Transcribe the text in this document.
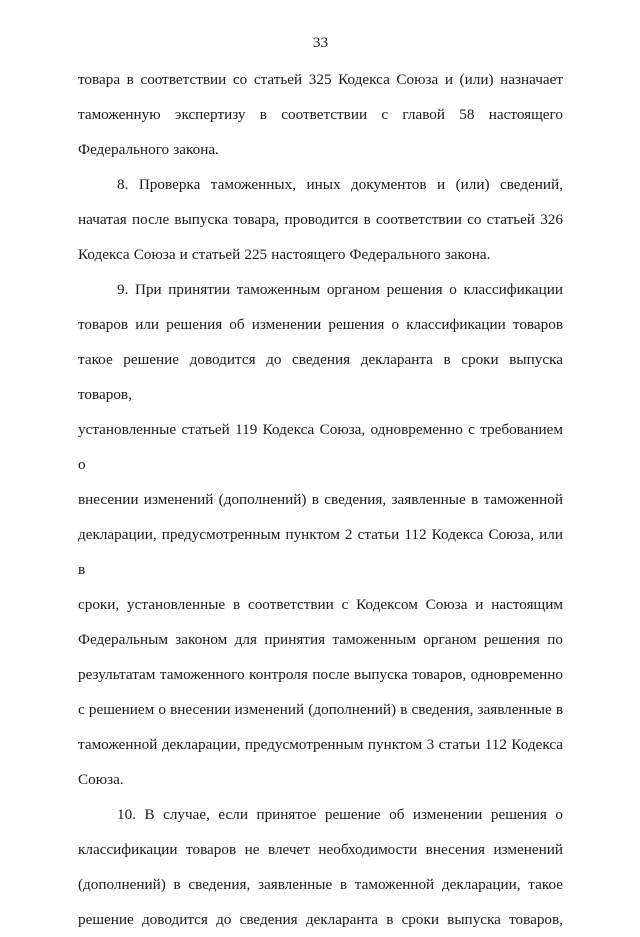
33
товара в соответствии со статьей 325 Кодекса Союза и (или) назначает
таможенную экспертизу в соответствии с главой 58 настоящего
Федерального закона.
8. Проверка таможенных, иных документов и (или) сведений,
начатая после выпуска товара, проводится в соответствии со статьей 326
Кодекса Союза и статьей 225 настоящего Федерального закона.
9. При принятии таможенным органом решения о классификации
товаров или решения об изменении решения о классификации товаров
такое решение доводится до сведения декларанта в сроки выпуска товаров,
установленные статьей 119 Кодекса Союза, одновременно с требованием о
внесении изменений (дополнений) в сведения, заявленные в таможенной
декларации, предусмотренным пунктом 2 статьи 112 Кодекса Союза, или в
сроки, установленные в соответствии с Кодексом Союза и настоящим
Федеральным законом для принятия таможенным органом решения по
результатам таможенного контроля после выпуска товаров, одновременно
с решением о внесении изменений (дополнений) в сведения, заявленные в
таможенной декларации, предусмотренным пунктом 3 статьи 112 Кодекса
Союза.
10. В случае, если принятое решение об изменении решения о
классификации товаров не влечет необходимости внесения изменений
(дополнений) в сведения, заявленные в таможенной декларации, такое
решение доводится до сведения декларанта в сроки выпуска товаров,
